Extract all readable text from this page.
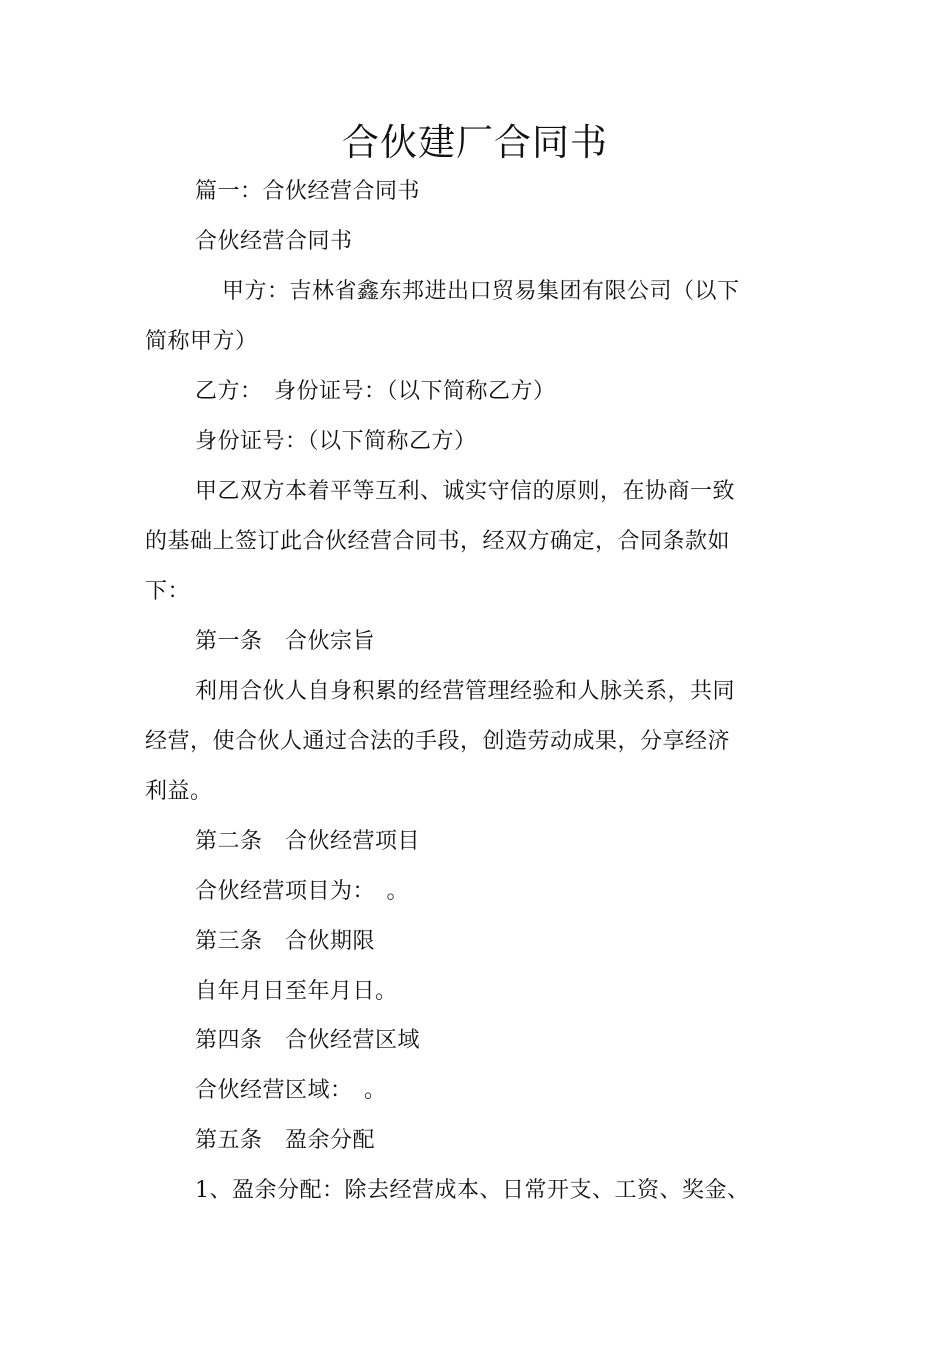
合伙建厂合同书
篇一：合伙经营合同书
合伙经营合同书
甲方：吉林省鑫东邦进出口贸易集团有限公司（以下
简称甲方）
乙方：　身份证号：（以下简称乙方）
身份证号：（以下简称乙方）
甲乙双方本着平等互利、诚实守信的原则，在协商一致
的基础上签订此合伙经营合同书，经双方确定，合同条款如
下：
第一条　合伙宗旨
利用合伙人自身积累的经营管理经验和人脉关系，共同
经营，使合伙人通过合法的手段，创造劳动成果，分享经济
利益。
第二条　合伙经营项目
合伙经营项目为：　。
第三条　合伙期限
自年月日至年月日。
第四条　合伙经营区域
合伙经营区域：　。
第五条　盈余分配
1、盈余分配：除去经营成本、日常开支、工资、奖金、
